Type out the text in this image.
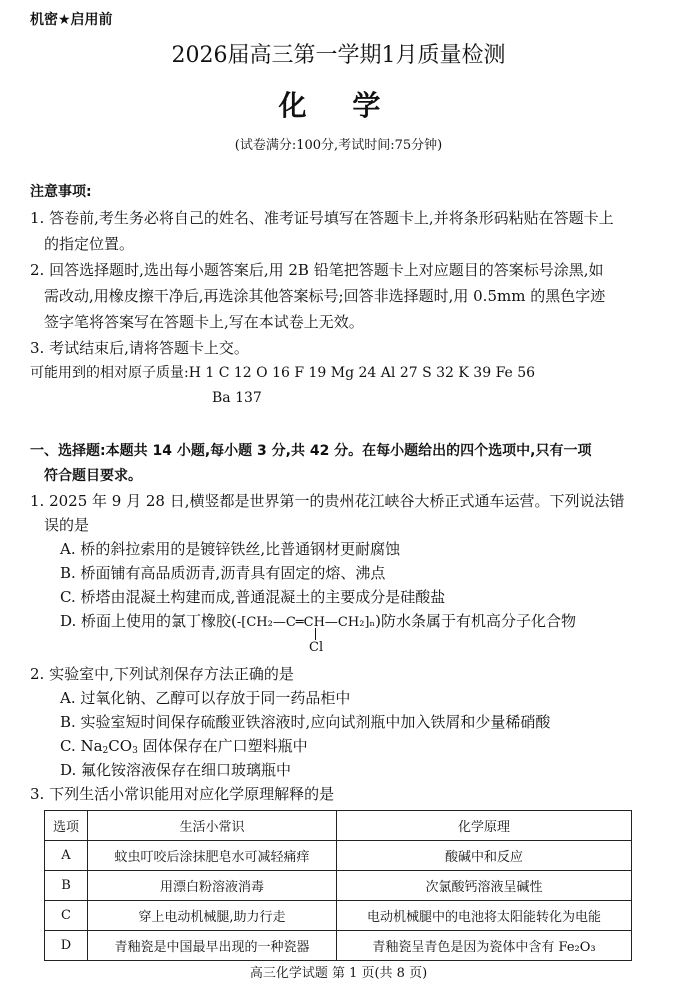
机密★启用前
2026届高三第一学期1月质量检测
化 学
(试卷满分:100分,考试时间:75分钟)
注意事项:
1. 答卷前,考生务必将自己的姓名、准考证号填写在答题卡上,并将条形码粘贴在答题卡上
的指定位置。
2. 回答选择题时,选出每小题答案后,用 2B 铅笔把答题卡上对应题目的答案标号涂黑,如
需改动,用橡皮擦干净后,再选涂其他答案标号;回答非选择题时,用 0.5mm 的黑色字迹
签字笔将答案写在答题卡上,写在本试卷上无效。
3. 考试结束后,请将答题卡上交。
可能用到的相对原子质量:H 1 C 12 O 16 F 19 Mg 24 Al 27 S 32 K 39 Fe 56
Ba 137
一、选择题:本题共 14 小题,每小题 3 分,共 42 分。在每小题给出的四个选项中,只有一项
符合题目要求。
1. 2025 年 9 月 28 日,横竖都是世界第一的贵州花江峡谷大桥正式通车运营。下列说法错
误的是
A. 桥的斜拉索用的是镀锌铁丝,比普通钢材更耐腐蚀
B. 桥面铺有高品质沥青,沥青具有固定的熔、沸点
C. 桥塔由混凝土构建而成,普通混凝土的主要成分是硅酸盐
D. 桥面上使用的氯丁橡胶(-[CH₂—C═CH—CH₂]ₙ)防水条属于有机高分子化合物
Cl
2. 实验室中,下列试剂保存方法正确的是
A. 过氧化钠、乙醇可以存放于同一药品柜中
B. 实验室短时间保存硫酸亚铁溶液时,应向试剂瓶中加入铁屑和少量稀硝酸
C. $Na_2CO_3$ 固体保存在广口塑料瓶中
D. 氟化铵溶液保存在细口玻璃瓶中
3. 下列生活小常识能用对应化学原理解释的是
选项	生活小常识	化学原理
A	蚊虫叮咬后涂抹肥皂水可减轻痛痒	酸碱中和反应
B	用漂白粉溶液消毒	次氯酸钙溶液呈碱性
C	穿上电动机械腿,助力行走	电动机械腿中的电池将太阳能转化为电能
D	青釉瓷是中国最早出现的一种瓷器	青釉瓷呈青色是因为瓷体中含有 Fe₂O₃
高三化学试题 第 1 页(共 8 页)
